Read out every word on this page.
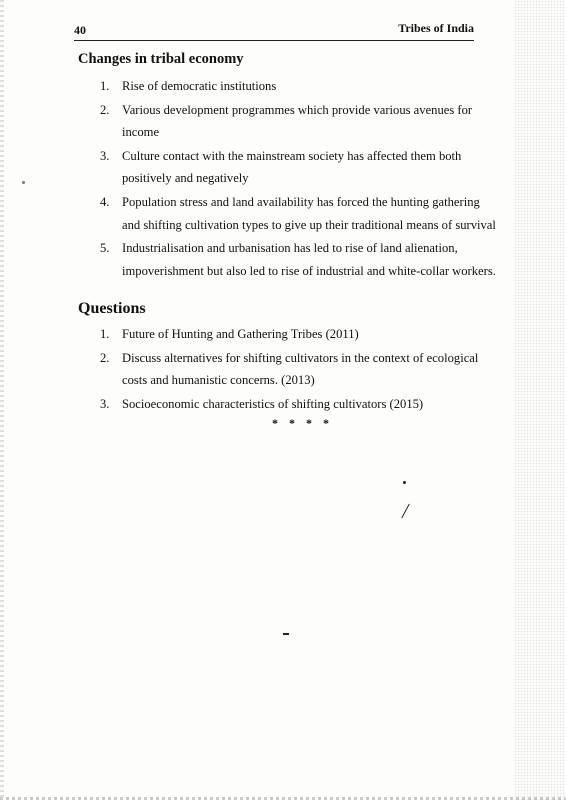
40	Tribes of India
Changes in tribal economy
1. Rise of democratic institutions
2. Various development programmes which provide various avenues for income
3. Culture contact with the mainstream society has affected them both positively and negatively
4. Population stress and land availability has forced the hunting gathering and shifting cultivation types to give up their traditional means of survival
5. Industrialisation and urbanisation has led to rise of land alienation, impoverishment but also led to rise of industrial and white-collar workers.
Questions
1. Future of Hunting and Gathering Tribes (2011)
2. Discuss alternatives for shifting cultivators in the context of ecological costs and humanistic concerns. (2013)
3. Socioeconomic characteristics of shifting cultivators (2015)
* * * *
